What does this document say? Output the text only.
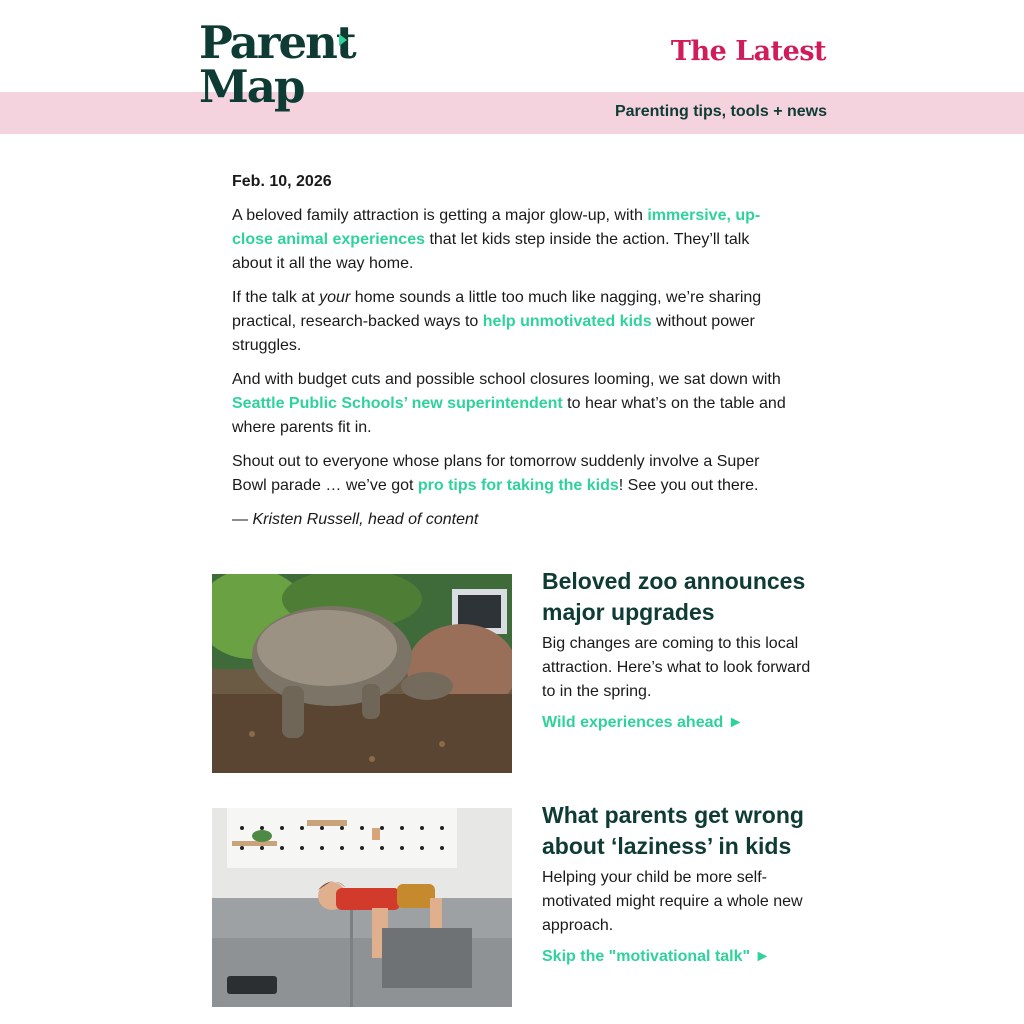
Parent
Map
The Latest
Parenting tips, tools + news

Feb. 10, 2026

A beloved family attraction is getting a major glow-up, with immersive, up-close animal experiences that let kids step inside the action. They’ll talk about it all the way home.

If the talk at your home sounds a little too much like nagging, we’re sharing practical, research-backed ways to help unmotivated kids without power struggles.

And with budget cuts and possible school closures looming, we sat down with Seattle Public Schools’ new superintendent to hear what’s on the table and where parents fit in.

Shout out to everyone whose plans for tomorrow suddenly involve a Super Bowl parade … we’ve got pro tips for taking the kids! See you out there.

— Kristen Russell, head of content

Beloved zoo announces major upgrades

Big changes are coming to this local attraction. Here’s what to look forward to in the spring.

Wild experiences ahead ►
What parents get wrong about ‘laziness’ in kids

Helping your child be more self-motivated might require a whole new approach.

Skip the "motivational talk" ►
